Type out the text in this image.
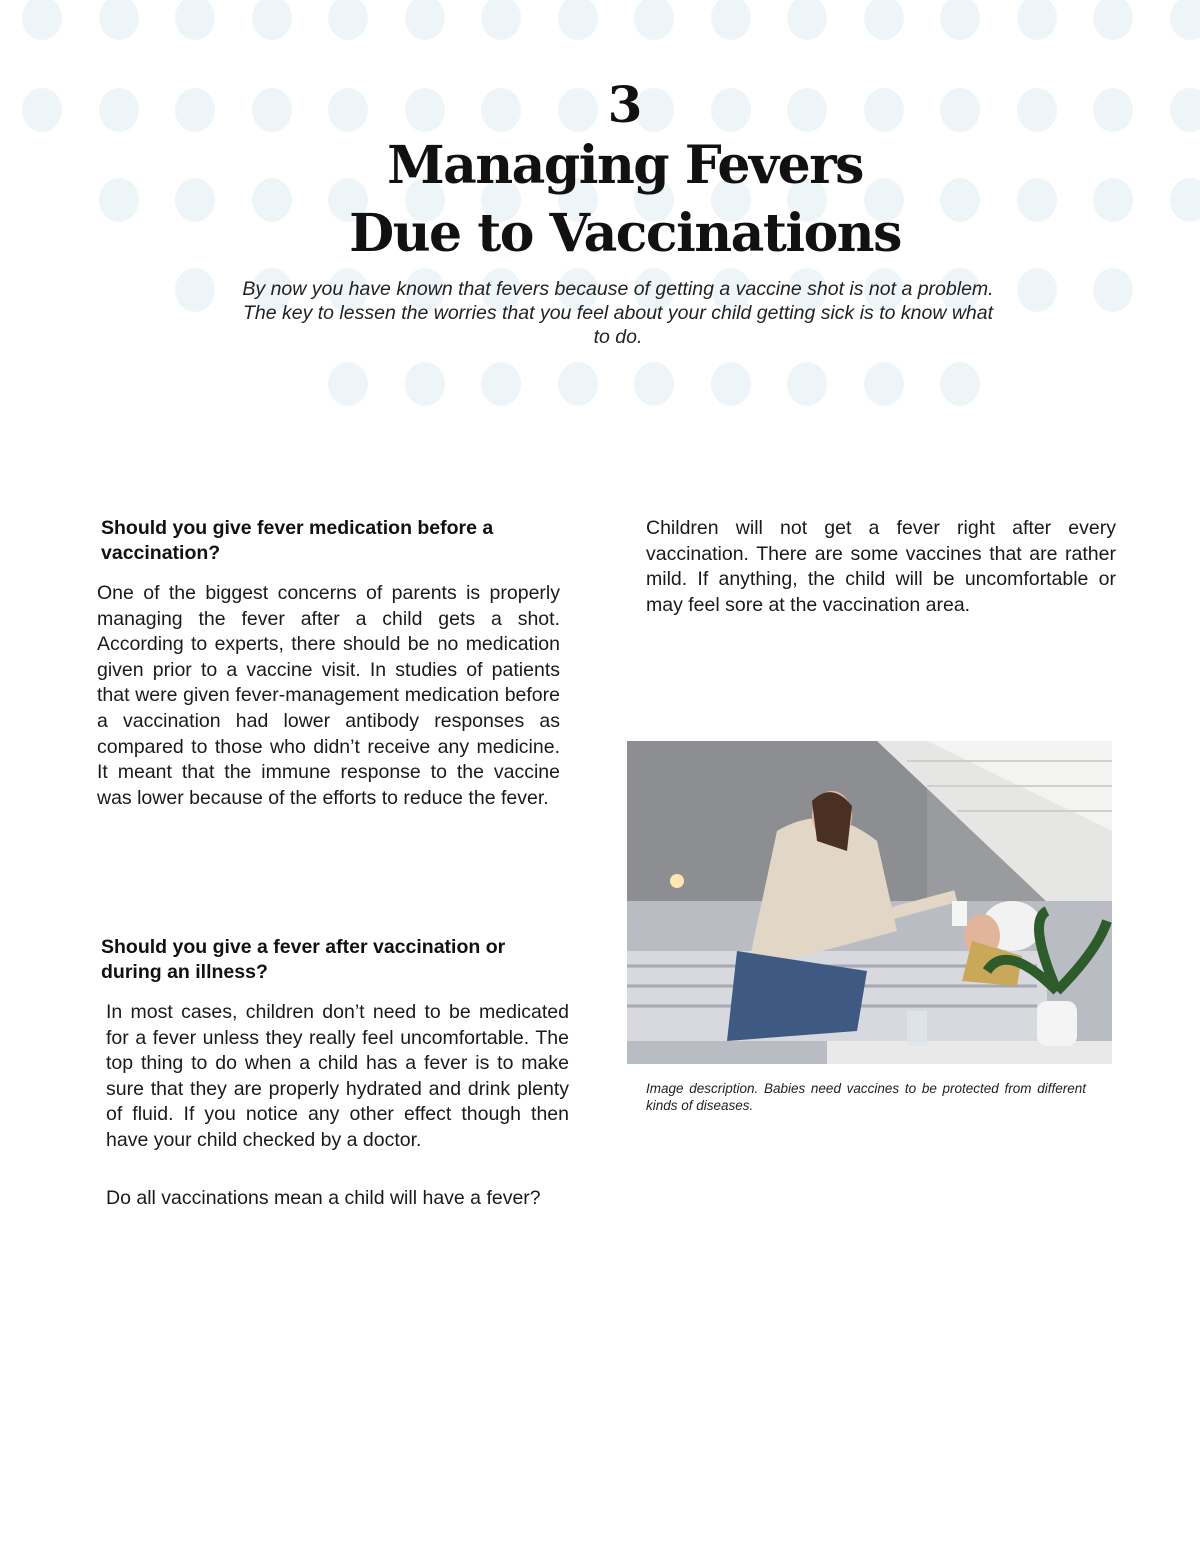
3

Managing Fevers

Due to Vaccinations

By now you have known that fevers because of getting a vaccine shot is not a problem. The key to lessen the worries that you feel about your child getting sick is to know what to do.

Should you give fever medication before a vaccination?

One of the biggest concerns of parents is properly managing the fever after a child gets a shot. According to experts, there should be no medication given prior to a vaccine visit. In studies of patients that were given fever-management medication before a vaccination had lower antibody responses as compared to those who didn’t receive any medicine. It meant that the immune response to the vaccine was lower because of the efforts to reduce the fever.

Should you give a fever after vaccination or during an illness?

In most cases, children don’t need to be medicated for a fever unless they really feel uncomfortable. The top thing to do when a child has a fever is to make sure that they are properly hydrated and drink plenty of fluid. If you notice any other effect though then have your child checked by a doctor.

Do all vaccinations mean a child will have a fever?

Children will not get a fever right after every vaccination. There are some vaccines that are rather mild. If anything, the child will be uncomfortable or may feel sore at the vaccination area.

Image description. Babies need vaccines to be protected from different kinds of diseases.
